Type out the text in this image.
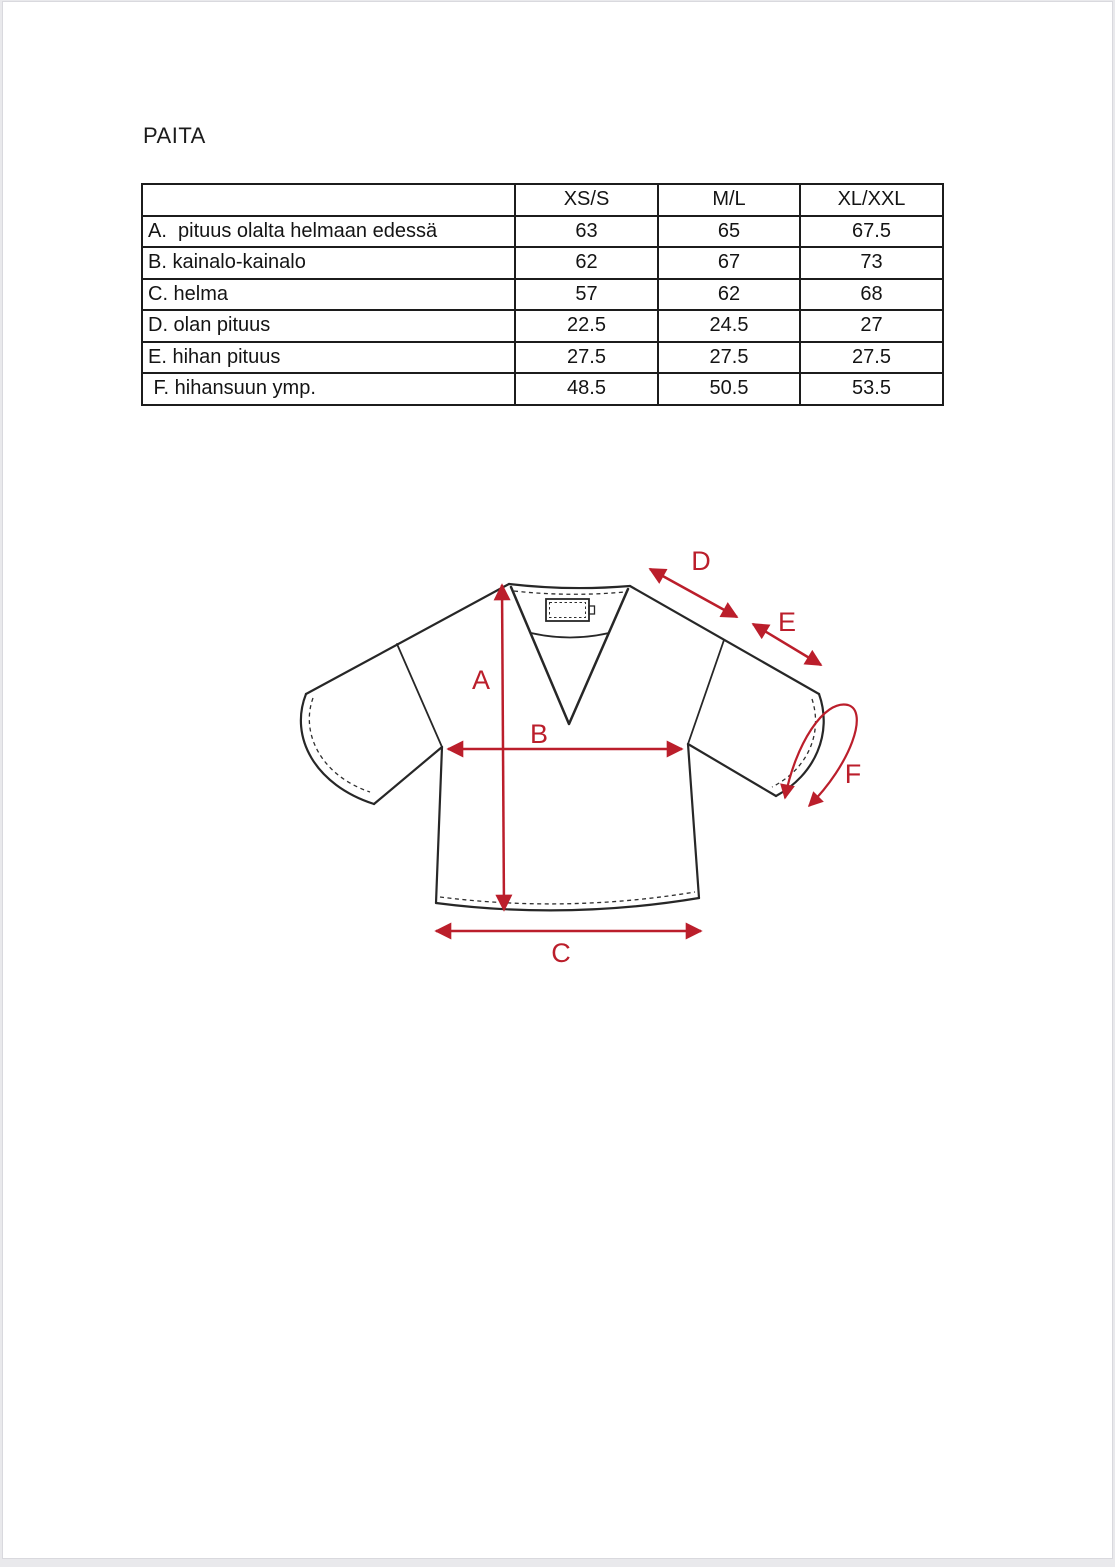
PAITA
	XS/S	M/L	XL/XXL
A.  pituus olalta helmaan edessä	63	65	67.5
B. kainalo-kainalo	62	67	73
C. helma	57	62	68
D. olan pituus	22.5	24.5	27
E. hihan pituus	27.5	27.5	27.5
F. hihansuun ymp.	48.5	50.5	53.5
A
B
C
D
E
F
